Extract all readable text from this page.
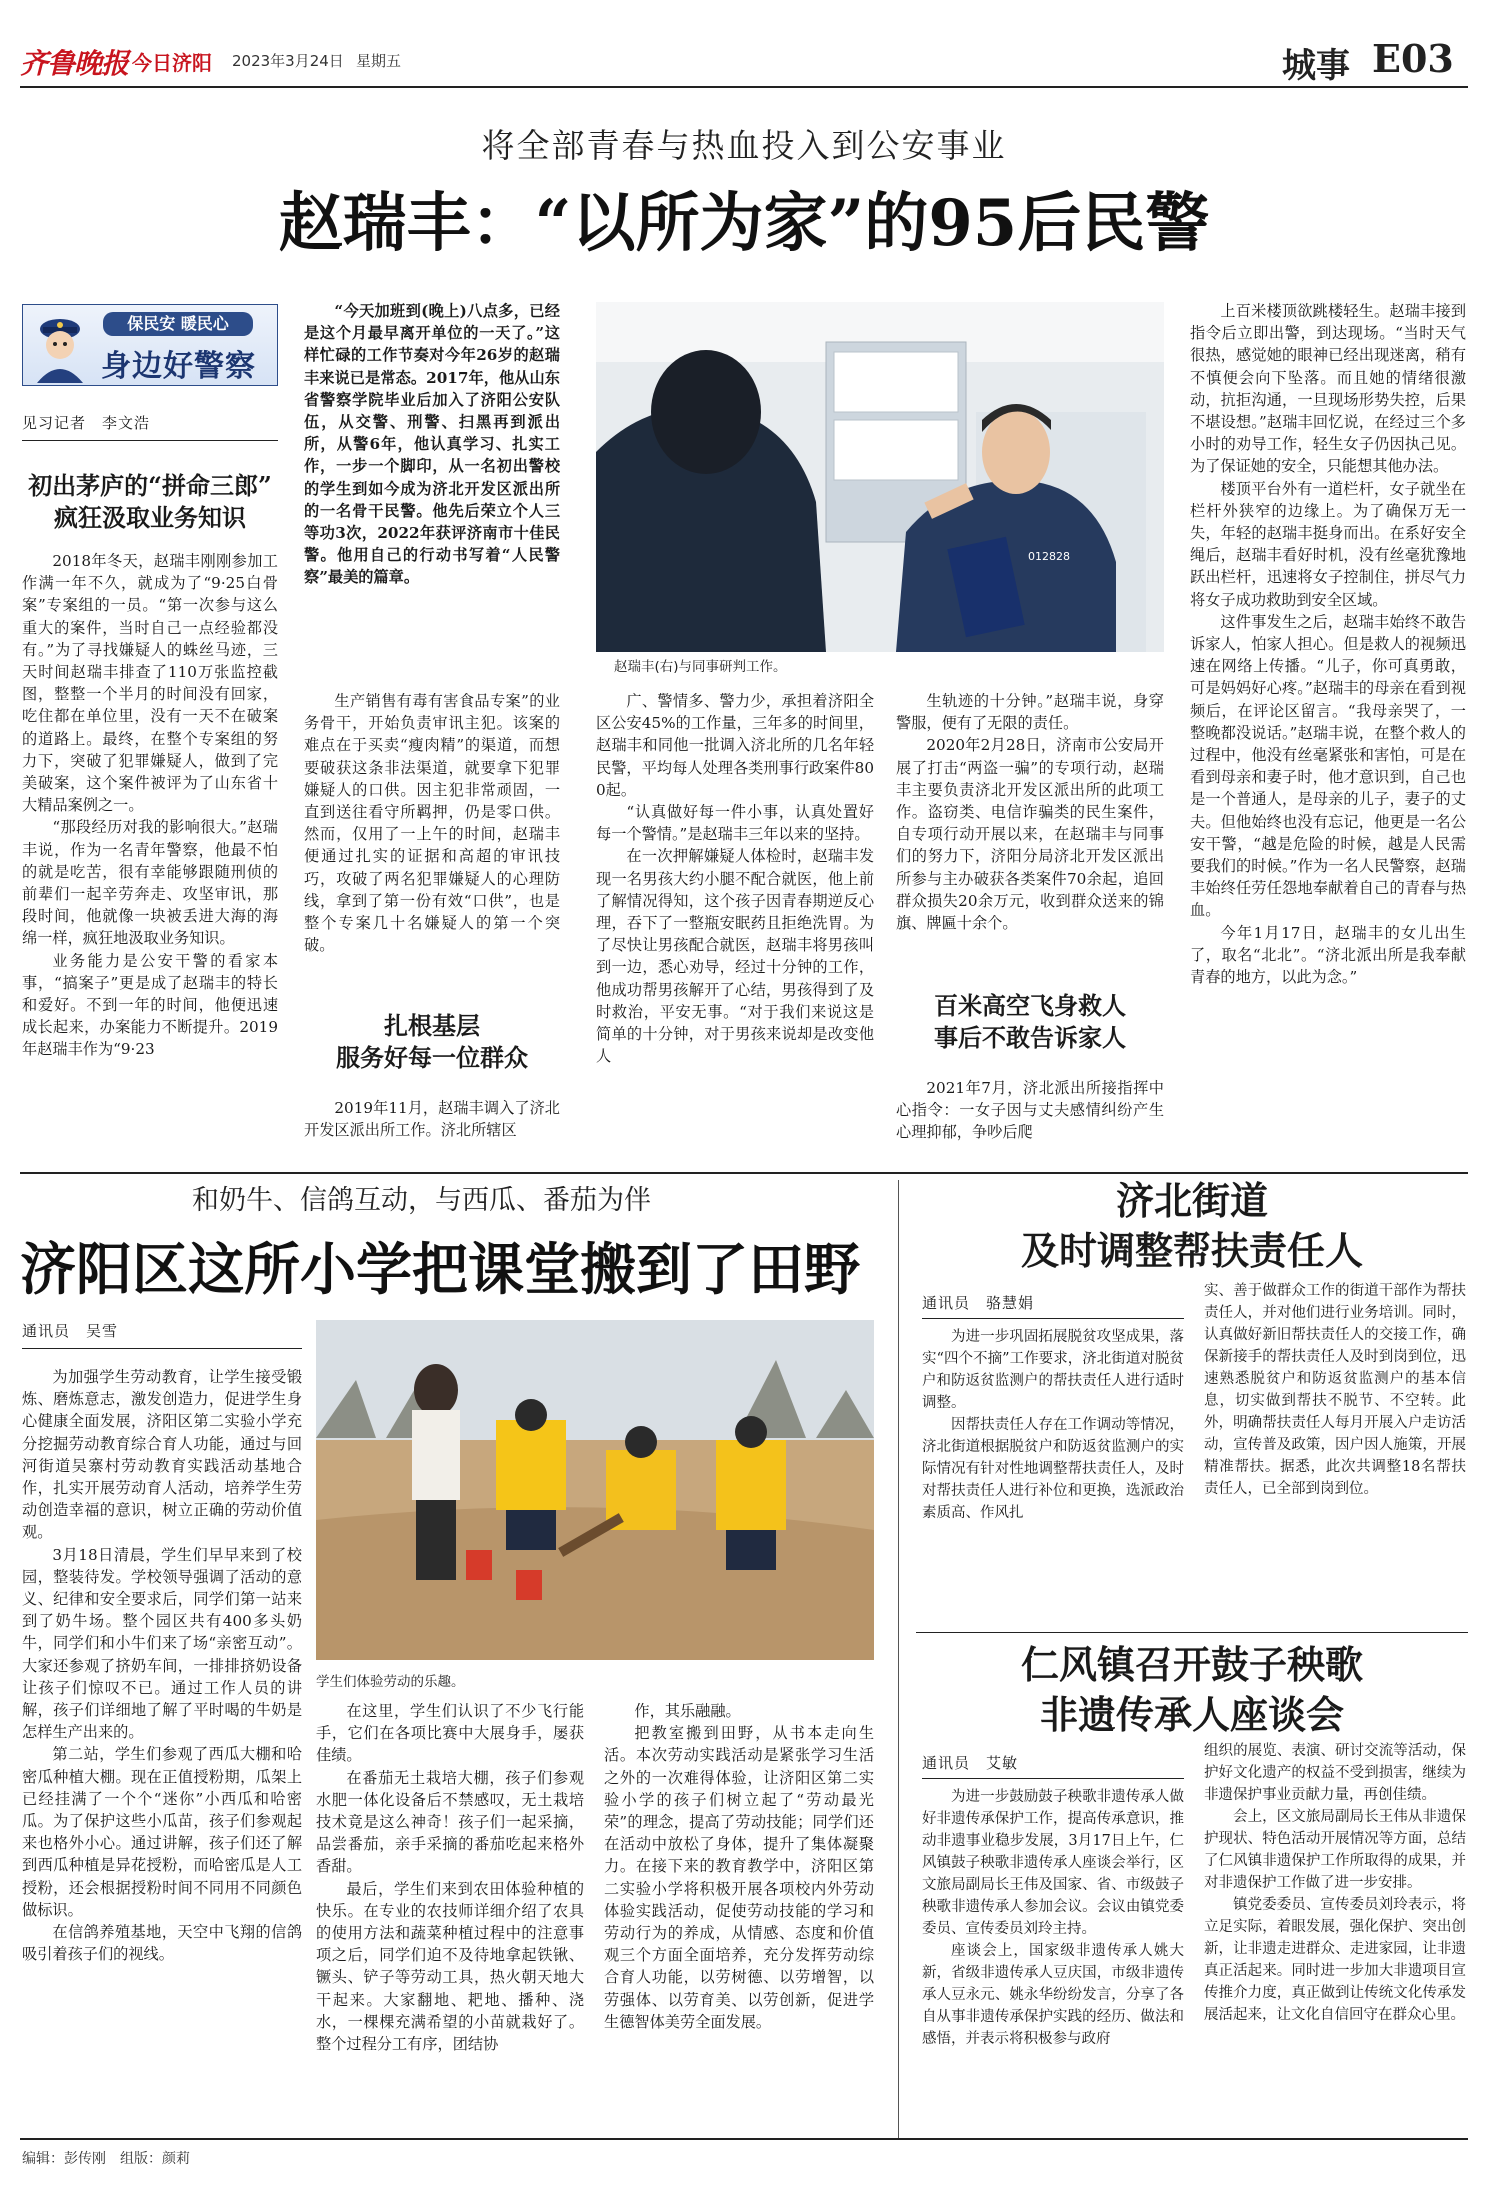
齐鲁晚报 今日济阳 2023年3月24日 星期五	城事 E03
将全部青春与热血投入到公安事业
赵瑞丰：“以所为家”的95后民警
保民安 暖民心
身边好警察
见习记者　李文浩
初出茅庐的“拼命三郎”
疯狂汲取业务知识

2018年冬天，赵瑞丰刚刚参加工作满一年不久，就成为了“9·25白骨案”专案组的一员。“第一次参与这么重大的案件，当时自己一点经验都没有。”为了寻找嫌疑人的蛛丝马迹，三天时间赵瑞丰排查了110万张监控截图，整整一个半月的时间没有回家，吃住都在单位里，没有一天不在破案的道路上。最终，在整个专案组的努力下，突破了犯罪嫌疑人，做到了完美破案，这个案件被评为了山东省十大精品案例之一。

“那段经历对我的影响很大。”赵瑞丰说，作为一名青年警察，他最不怕的就是吃苦，很有幸能够跟随刑侦的前辈们一起辛劳奔走、攻坚审讯，那段时间，他就像一块被丢进大海的海绵一样，疯狂地汲取业务知识。

业务能力是公安干警的看家本事，“搞案子”更是成了赵瑞丰的特长和爱好。不到一年的时间，他便迅速成长起来，办案能力不断提升。2019年赵瑞丰作为“9·23

“今天加班到(晚上)八点多，已经是这个月最早离开单位的一天了。”这样忙碌的工作节奏对今年26岁的赵瑞丰来说已是常态。2017年，他从山东省警察学院毕业后加入了济阳公安队伍，从交警、刑警、扫黑再到派出所，从警6年，他认真学习、扎实工作，一步一个脚印，从一名初出警校的学生到如今成为济北开发区派出所的一名骨干民警。他先后荣立个人三等功3次，2022年获评济南市十佳民警。他用自己的行动书写着“人民警察”最美的篇章。

012828
赵瑞丰(右)与同事研判工作。

生产销售有毒有害食品专案”的业务骨干，开始负责审讯主犯。该案的难点在于买卖“瘦肉精”的渠道，而想要破获这条非法渠道，就要拿下犯罪嫌疑人的口供。因主犯非常顽固，一直到送往看守所羁押，仍是零口供。然而，仅用了一上午的时间，赵瑞丰便通过扎实的证据和高超的审讯技巧，攻破了两名犯罪嫌疑人的心理防线，拿到了第一份有效“口供”，也是整个专案几十名嫌疑人的第一个突破。

扎根基层
服务好每一位群众

2019年11月，赵瑞丰调入了济北开发区派出所工作。济北所辖区

广、警情多、警力少，承担着济阳全区公安45%的工作量，三年多的时间里，赵瑞丰和同他一批调入济北所的几名年轻民警，平均每人处理各类刑事行政案件800起。

“认真做好每一件小事，认真处置好每一个警情。”是赵瑞丰三年以来的坚持。

在一次押解嫌疑人体检时，赵瑞丰发现一名男孩大约小腿不配合就医，他上前了解情况得知，这个孩子因青春期逆反心理，吞下了一整瓶安眠药且拒绝洗胃。为了尽快让男孩配合就医，赵瑞丰将男孩叫到一边，悉心劝导，经过十分钟的工作，他成功帮男孩解开了心结，男孩得到了及时救治，平安无事。“对于我们来说这是简单的十分钟，对于男孩来说却是改变他人

生轨迹的十分钟。”赵瑞丰说，身穿警服，便有了无限的责任。

2020年2月28日，济南市公安局开展了打击“两盗一骗”的专项行动，赵瑞丰主要负责济北开发区派出所的此项工作。盗窃类、电信诈骗类的民生案件，自专项行动开展以来，在赵瑞丰与同事们的努力下，济阳分局济北开发区派出所参与主办破获各类案件70余起，追回群众损失20余万元，收到群众送来的锦旗、牌匾十余个。

百米高空飞身救人
事后不敢告诉家人

2021年7月，济北派出所接指挥中心指令：一女子因与丈夫感情纠纷产生心理抑郁，争吵后爬

上百米楼顶欲跳楼轻生。赵瑞丰接到指令后立即出警，到达现场。“当时天气很热，感觉她的眼神已经出现迷离，稍有不慎便会向下坠落。而且她的情绪很激动，抗拒沟通，一旦现场形势失控，后果不堪设想。”赵瑞丰回忆说，在经过三个多小时的劝导工作，轻生女子仍因执己见。为了保证她的安全，只能想其他办法。

楼顶平台外有一道栏杆，女子就坐在栏杆外狭窄的边缘上。为了确保万无一失，年轻的赵瑞丰挺身而出。在系好安全绳后，赵瑞丰看好时机，没有丝毫犹豫地跃出栏杆，迅速将女子控制住，拼尽气力将女子成功救助到安全区域。

这件事发生之后，赵瑞丰始终不敢告诉家人，怕家人担心。但是救人的视频迅速在网络上传播。“儿子，你可真勇敢，可是妈妈好心疼。”赵瑞丰的母亲在看到视频后，在评论区留言。“我母亲哭了，一整晚都没说话。”赵瑞丰说，在整个救人的过程中，他没有丝毫紧张和害怕，可是在看到母亲和妻子时，他才意识到，自己也是一个普通人，是母亲的儿子，妻子的丈夫。但他始终也没有忘记，他更是一名公安干警，“越是危险的时候，越是人民需要我们的时候。”作为一名人民警察，赵瑞丰始终任劳任怨地奉献着自己的青春与热血。

今年1月17日，赵瑞丰的女儿出生了，取名“北北”。“济北派出所是我奉献青春的地方，以此为念。”

和奶牛、信鸽互动，与西瓜、番茄为伴
济阳区这所小学把课堂搬到了田野
通讯员　吴雪
学生们体验劳动的乐趣。

为加强学生劳动教育，让学生接受锻炼、磨炼意志，激发创造力，促进学生身心健康全面发展，济阳区第二实验小学充分挖掘劳动教育综合育人功能，通过与回河街道吴寨村劳动教育实践活动基地合作，扎实开展劳动育人活动，培养学生劳动创造幸福的意识，树立正确的劳动价值观。

3月18日清晨，学生们早早来到了校园，整装待发。学校领导强调了活动的意义、纪律和安全要求后，同学们第一站来到了奶牛场。整个园区共有400多头奶牛，同学们和小牛们来了场“亲密互动”。大家还参观了挤奶车间，一排排挤奶设备让孩子们惊叹不已。通过工作人员的讲解，孩子们详细地了解了平时喝的牛奶是怎样生产出来的。

第二站，学生们参观了西瓜大棚和哈密瓜种植大棚。现在正值授粉期，瓜架上已经挂满了一个个“迷你”小西瓜和哈密瓜。为了保护这些小瓜苗，孩子们参观起来也格外小心。通过讲解，孩子们还了解到西瓜种植是异花授粉，而哈密瓜是人工授粉，还会根据授粉时间不同用不同颜色做标识。

在信鸽养殖基地，天空中飞翔的信鸽吸引着孩子们的视线。

在这里，学生们认识了不少飞行能手，它们在各项比赛中大展身手，屡获佳绩。

在番茄无土栽培大棚，孩子们参观水肥一体化设备后不禁感叹，无土栽培技术竟是这么神奇！孩子们一起采摘，品尝番茄，亲手采摘的番茄吃起来格外香甜。

最后，学生们来到农田体验种植的快乐。在专业的农技师详细介绍了农具的使用方法和蔬菜种植过程中的注意事项之后，同学们迫不及待地拿起铁锹、镢头、铲子等劳动工具，热火朝天地大干起来。大家翻地、耙地、播种、浇水，一棵棵充满希望的小苗就栽好了。整个过程分工有序，团结协

作，其乐融融。

把教室搬到田野，从书本走向生活。本次劳动实践活动是紧张学习生活之外的一次难得体验，让济阳区第二实验小学的孩子们树立起了“劳动最光荣”的理念，提高了劳动技能；同学们还在活动中放松了身体，提升了集体凝聚力。在接下来的教育教学中，济阳区第二实验小学将积极开展各项校内外劳动体验实践活动，促使劳动技能的学习和劳动行为的养成，从情感、态度和价值观三个方面全面培养，充分发挥劳动综合育人功能，以劳树德、以劳增智，以劳强体、以劳育美、以劳创新，促进学生德智体美劳全面发展。

济北街道
及时调整帮扶责任人
通讯员　骆慧娟

为进一步巩固拓展脱贫攻坚成果，落实“四个不摘”工作要求，济北街道对脱贫户和防返贫监测户的帮扶责任人进行适时调整。

因帮扶责任人存在工作调动等情况，济北街道根据脱贫户和防返贫监测户的实际情况有针对性地调整帮扶责任人，及时对帮扶责任人进行补位和更换，选派政治素质高、作风扎

实、善于做群众工作的街道干部作为帮扶责任人，并对他们进行业务培训。同时，认真做好新旧帮扶责任人的交接工作，确保新接手的帮扶责任人及时到岗到位，迅速熟悉脱贫户和防返贫监测户的基本信息，切实做到帮扶不脱节、不空转。此外，明确帮扶责任人每月开展入户走访活动，宣传普及政策，因户因人施策，开展精准帮扶。据悉，此次共调整18名帮扶责任人，已全部到岗到位。

仁风镇召开鼓子秧歌
非遗传承人座谈会
通讯员　艾敏

为进一步鼓励鼓子秧歌非遗传承人做好非遗传承保护工作，提高传承意识，推动非遗事业稳步发展，3月17日上午，仁风镇鼓子秧歌非遗传承人座谈会举行，区文旅局副局长王伟及国家、省、市级鼓子秧歌非遗传承人参加会议。会议由镇党委委员、宣传委员刘玲主持。

座谈会上，国家级非遗传承人姚大新，省级非遗传承人豆庆国，市级非遗传承人豆永元、姚永华纷纷发言，分享了各自从事非遗传承保护实践的经历、做法和感悟，并表示将积极参与政府

组织的展览、表演、研讨交流等活动，保护好文化遗产的权益不受到损害，继续为非遗保护事业贡献力量，再创佳绩。

会上，区文旅局副局长王伟从非遗保护现状、特色活动开展情况等方面，总结了仁风镇非遗保护工作所取得的成果，并对非遗保护工作做了进一步安排。

镇党委委员、宣传委员刘玲表示，将立足实际，着眼发展，强化保护、突出创新，让非遗走进群众、走进家园，让非遗真正活起来。同时进一步加大非遗项目宣传推介力度，真正做到让传统文化传承发展活起来，让文化自信回守在群众心里。

编辑：彭传刚　组版：颜莉
